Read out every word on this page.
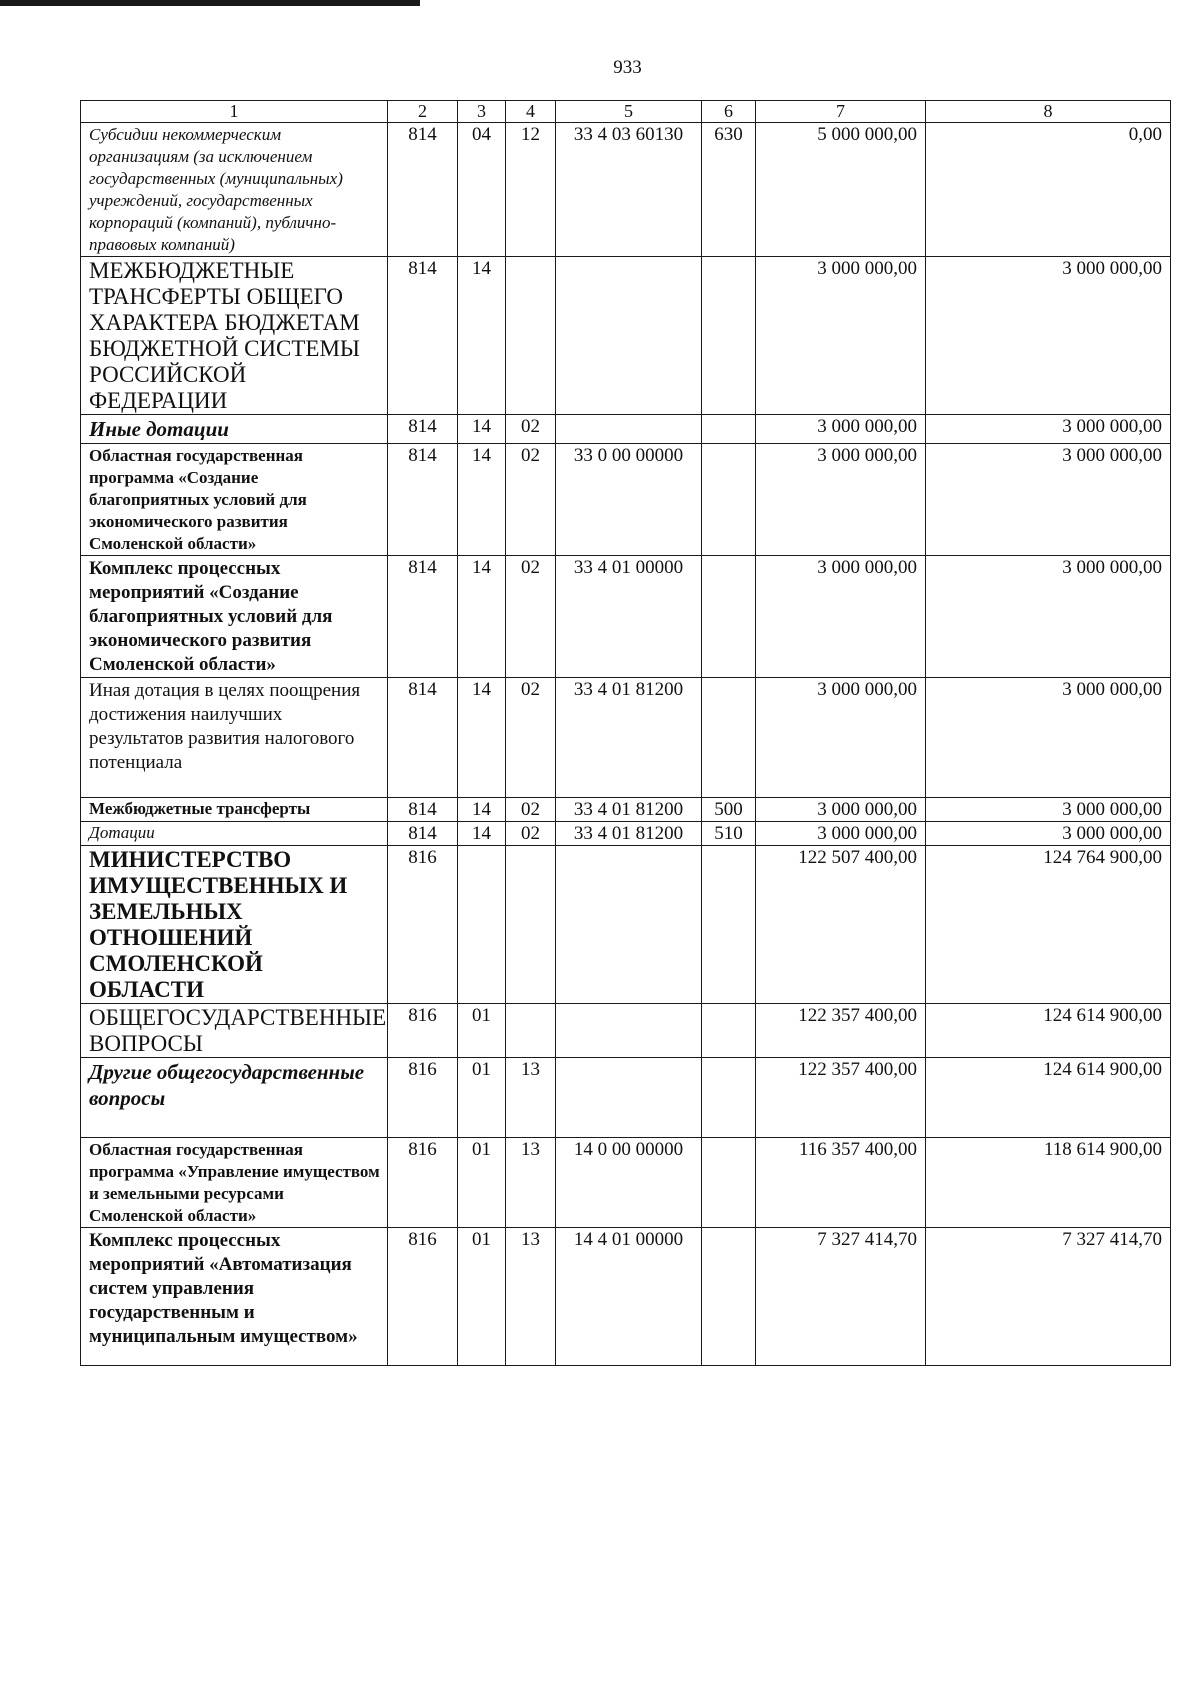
933
1	2	3	4	5	6	7	8
Субсидии некоммерческим организациям (за исключением государственных (муниципальных) учреждений, государственных корпораций (компаний), публично-правовых компаний)	814	04	12	33 4 03 60130	630	5 000 000,00	0,00
МЕЖБЮДЖЕТНЫЕ ТРАНСФЕРТЫ ОБЩЕГО ХАРАКТЕРА БЮДЖЕТАМ БЮДЖЕТНОЙ СИСТЕМЫ РОССИЙСКОЙ ФЕДЕРАЦИИ	814	14				3 000 000,00	3 000 000,00
Иные дотации	814	14	02			3 000 000,00	3 000 000,00
Областная государственная программа «Создание благоприятных условий для экономического развития Смоленской области»	814	14	02	33 0 00 00000		3 000 000,00	3 000 000,00
Комплекс процессных мероприятий «Создание благоприятных условий для экономического развития Смоленской области»	814	14	02	33 4 01 00000		3 000 000,00	3 000 000,00
Иная дотация в целях поощрения достижения наилучших результатов развития налогового потенциала	814	14	02	33 4 01 81200		3 000 000,00	3 000 000,00
Межбюджетные трансферты	814	14	02	33 4 01 81200	500	3 000 000,00	3 000 000,00
Дотации	814	14	02	33 4 01 81200	510	3 000 000,00	3 000 000,00
МИНИСТЕРСТВО ИМУЩЕСТВЕННЫХ И ЗЕМЕЛЬНЫХ ОТНОШЕНИЙ СМОЛЕНСКОЙ ОБЛАСТИ	816					122 507 400,00	124 764 900,00
ОБЩЕГОСУДАРСТВЕННЫЕ ВОПРОСЫ	816	01				122 357 400,00	124 614 900,00
Другие общегосударственные вопросы	816	01	13			122 357 400,00	124 614 900,00
Областная государственная программа «Управление имуществом и земельными ресурсами Смоленской области»	816	01	13	14 0 00 00000		116 357 400,00	118 614 900,00
Комплекс процессных мероприятий «Автоматизация систем управления государственным и муниципальным имуществом»	816	01	13	14 4 01 00000		7 327 414,70	7 327 414,70
